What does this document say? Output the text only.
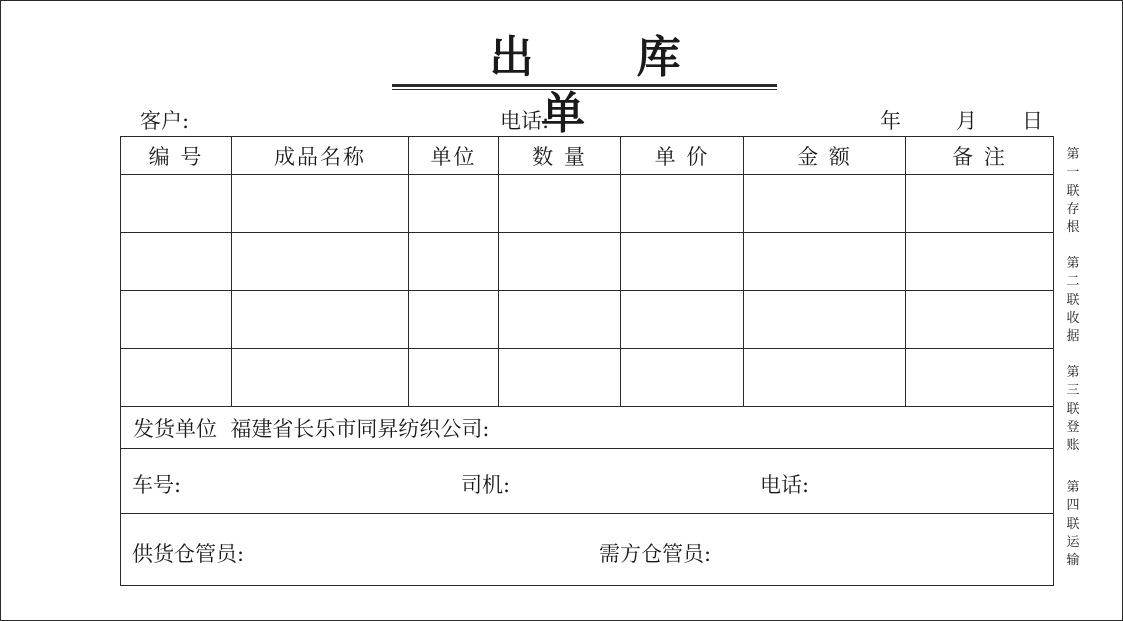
出 库 单
客户:	电话:	年	月 日
编 号	成品名称	单位	数 量	单 价	金 额	备 注

发货单位 福建省长乐市同昇纺织公司:						

车号: 司机: 电话:						

供货仓管员: 需方仓管员:						
第一联存根
第二联收据
第三联登账
第四联运输
